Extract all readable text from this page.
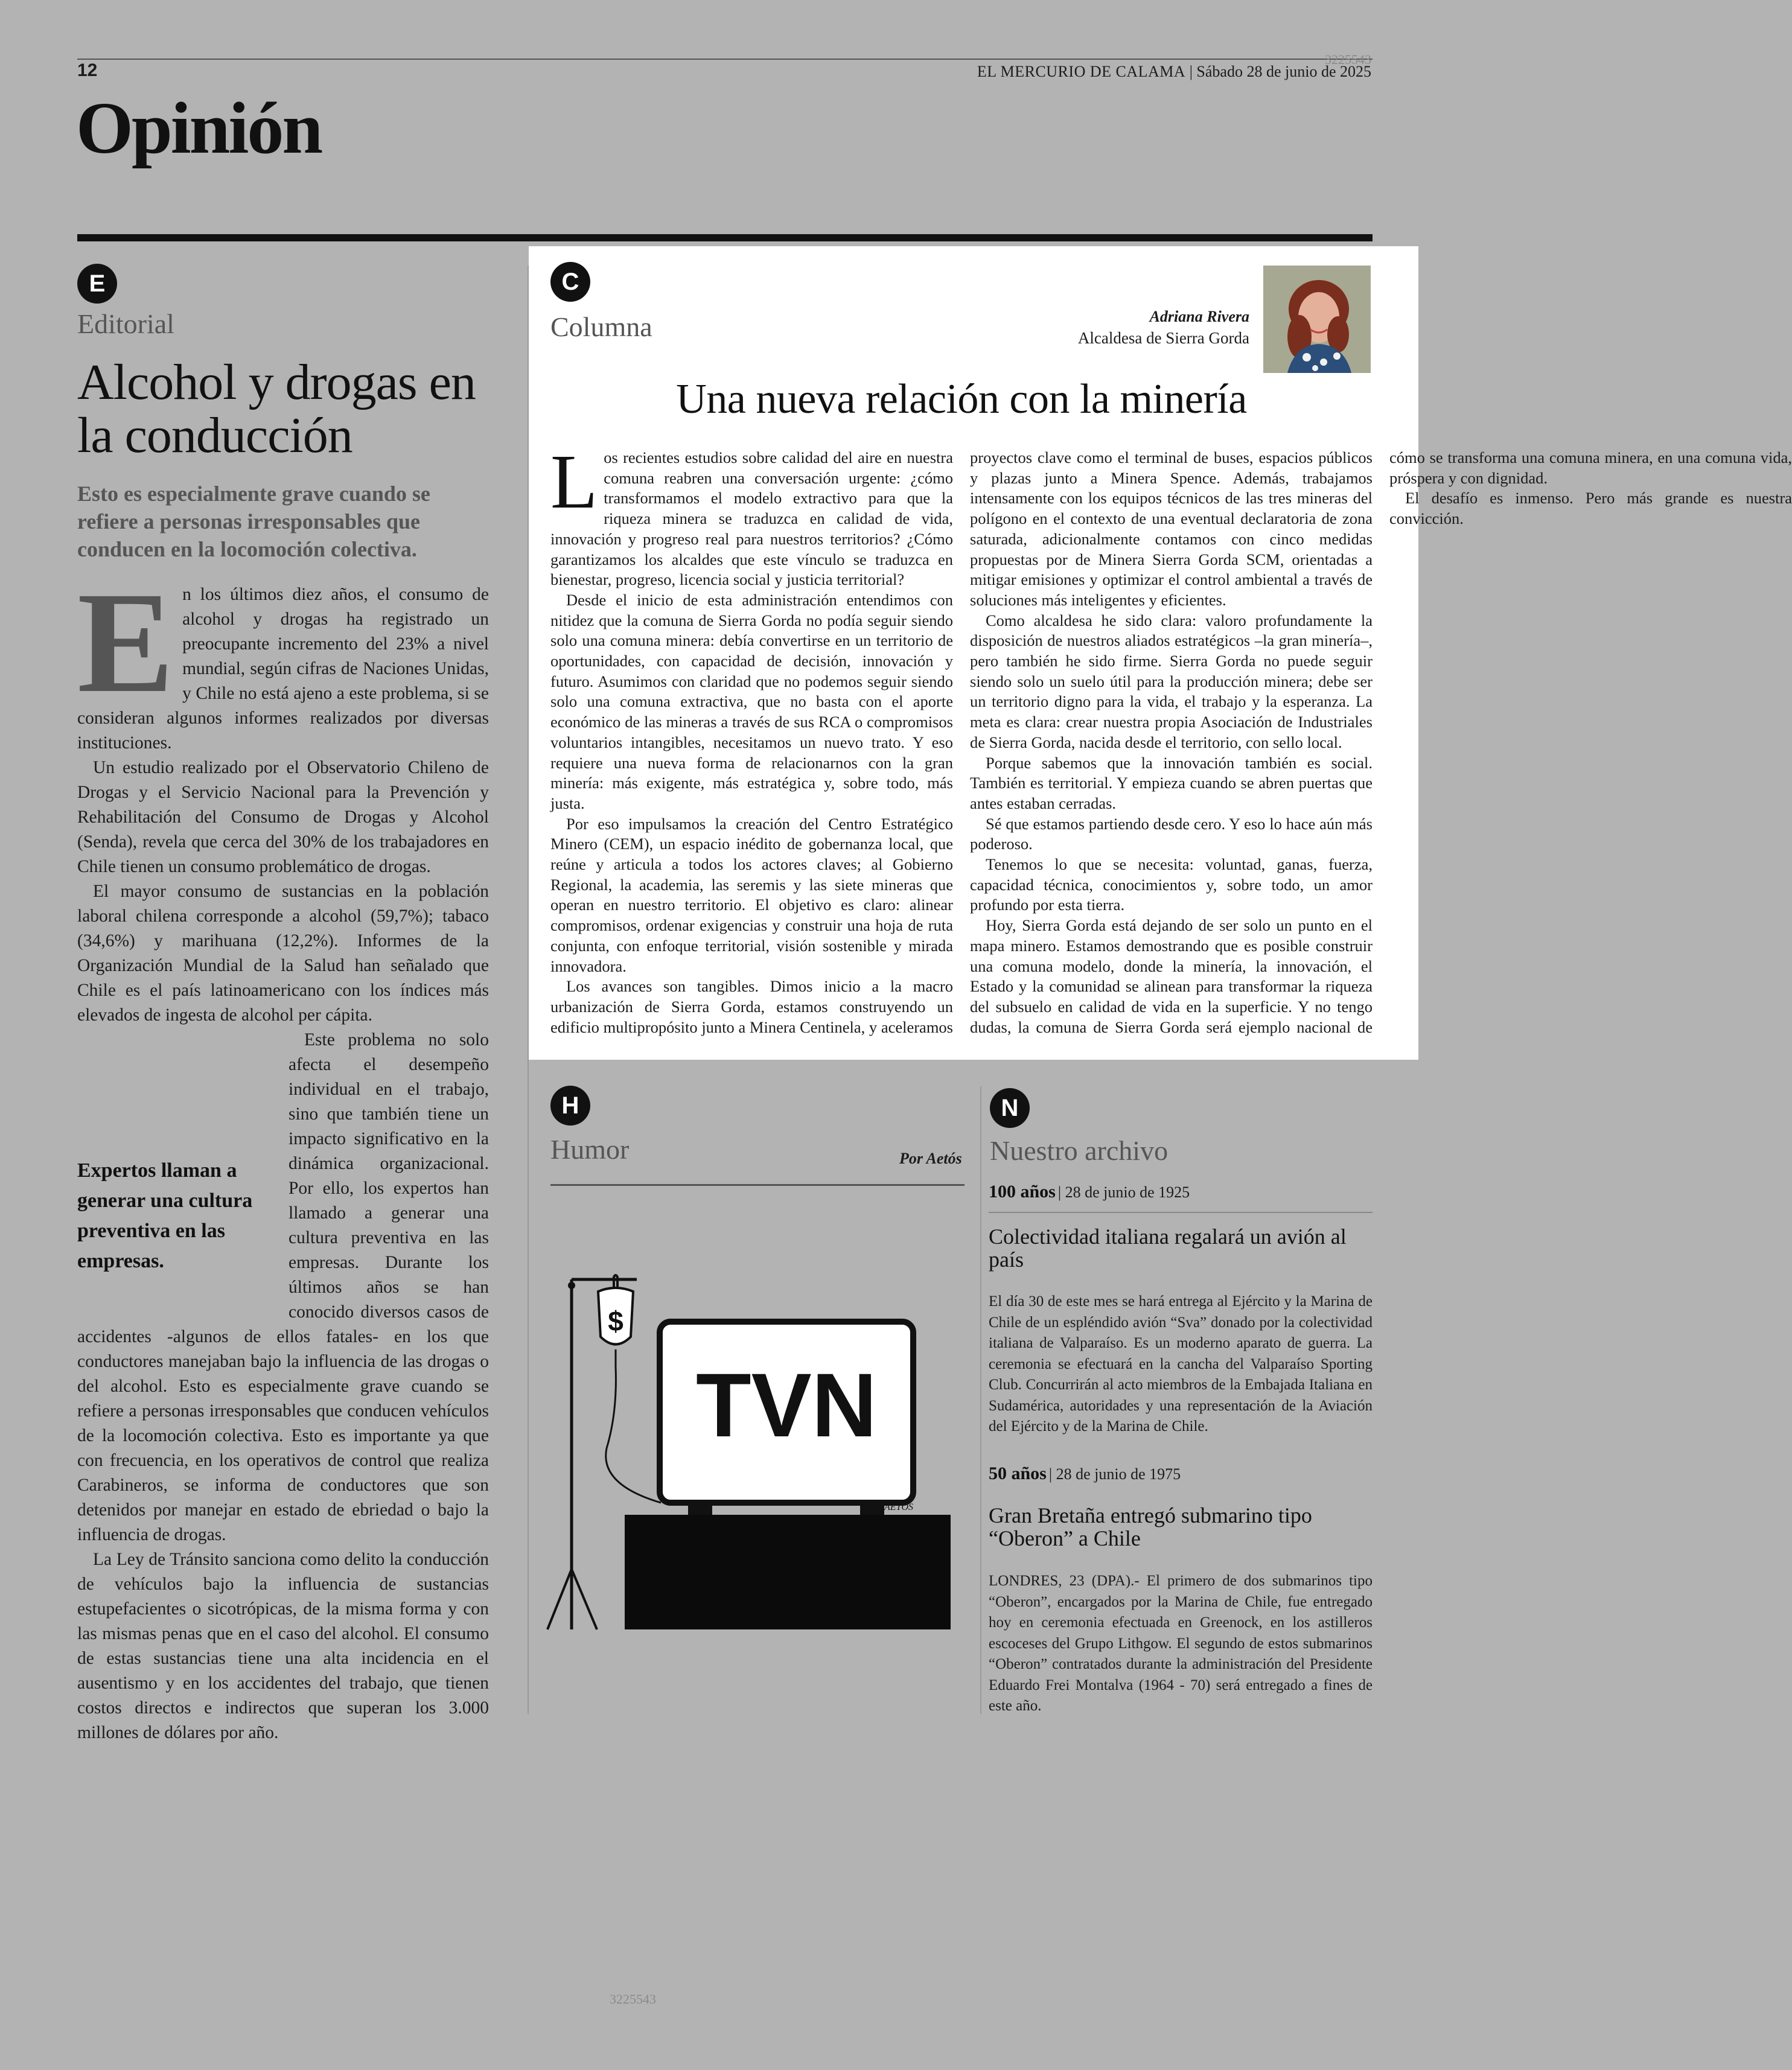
12
3225543
EL MERCURIO DE CALAMA | Sábado 28 de junio de 2025
Opinión
E
Editorial
Alcohol y drogas en la conducción
Esto es especialmente grave cuando se refiere a personas irresponsables que conducen en la locomoción colectiva.

En los últimos diez años, el consumo de alcohol y drogas ha registrado un preocupante incremento del 23% a nivel mundial, según cifras de Naciones Unidas, y Chile no está ajeno a este problema, si se consideran algunos informes realizados por diversas instituciones.

Un estudio realizado por el Observatorio Chileno de Drogas y el Servicio Nacional para la Prevención y Rehabilitación del Consumo de Drogas y Alcohol (Senda), revela que cerca del 30% de los trabajadores en Chile tienen un consumo problemático de drogas.

El mayor consumo de sustancias en la población laboral chilena corresponde a alcohol (59,7%); tabaco (34,6%) y marihuana (12,2%). Informes de la Organización Mundial de la Salud han señalado que Chile es el país latinoamericano con los índices más elevados de ingesta de alcohol per cápita.

Este problema no solo afecta el desempeño individual en el trabajo, sino que también tiene un impacto significativo en la dinámica organizacional. Por ello, los expertos han llamado a generar una cultura preventiva en las empresas. Durante los últimos años se han conocido diversos casos de accidentes -algunos de ellos fatales- en los que conductores manejaban bajo la influencia de las drogas o del alcohol. Esto es especialmente grave cuando se refiere a personas irresponsables que conducen vehículos de la locomoción colectiva. Esto es importante ya que con frecuencia, en los operativos de control que realiza Carabineros, se informa de conductores que son detenidos por manejar en estado de ebriedad o bajo la influencia de drogas.

La Ley de Tránsito sanciona como delito la conducción de vehículos bajo la influencia de sustancias estupefacientes o sicotrópicas, de la misma forma y con las mismas penas que en el caso del alcohol. El consumo de estas sustancias tiene una alta incidencia en el ausentismo y en los accidentes del trabajo, que tienen costos directos e indirectos que superan los 3.000 millones de dólares por año.

Expertos llaman a generar una cultura preventiva en las empresas.
3225543
C
Columna	Adriana Rivera
Alcaldesa de Sierra Gorda
Una nueva relación con la minería

Los recientes estudios sobre calidad del aire en nuestra comuna reabren una conversación urgente: ¿cómo transformamos el modelo extractivo para que la riqueza minera se traduzca en calidad de vida, innovación y progreso real para nuestros territorios? ¿Cómo garantizamos los alcaldes que este vínculo se traduzca en bienestar, progreso, licencia social y justicia territorial?

Desde el inicio de esta administración entendimos con nitidez que la comuna de Sierra Gorda no podía seguir siendo solo una comuna minera: debía convertirse en un territorio de oportunidades, con capacidad de decisión, innovación y futuro. Asumimos con claridad que no podemos seguir siendo solo una comuna extractiva, que no basta con el aporte económico de las mineras a través de sus RCA o compromisos voluntarios intangibles, necesitamos un nuevo trato. Y eso requiere una nueva forma de relacionarnos con la gran minería: más exigente, más estratégica y, sobre todo, más justa.

Por eso impulsamos la creación del Centro Estratégico Minero (CEM), un espacio inédito de gobernanza local, que reúne y articula a todos los actores claves; al Gobierno Regional, la academia, las seremis y las siete mineras que operan en nuestro territorio. El objetivo es claro: alinear compromisos, ordenar exigencias y construir una hoja de ruta conjunta, con enfoque territorial, visión sostenible y mirada innovadora.

Los avances son tangibles. Dimos inicio a la macro urbanización de Sierra Gorda, estamos construyendo un edificio multipropósito junto a Minera Centinela, y aceleramos proyectos clave como el terminal de buses, espacios públicos y plazas junto a Minera Spence. Además, trabajamos intensamente con los equipos técnicos de las tres mineras del polígono en el contexto de una eventual declaratoria de zona saturada, adicionalmente contamos con cinco medidas propuestas por de Minera Sierra Gorda SCM, orientadas a mitigar emisiones y optimizar el control ambiental a través de soluciones más inteligentes y eficientes.

Como alcaldesa he sido clara: valoro profundamente la disposición de nuestros aliados estratégicos –la gran minería–, pero también he sido firme. Sierra Gorda no puede seguir siendo solo un suelo útil para la producción minera; debe ser un territorio digno para la vida, el trabajo y la esperanza. La meta es clara: crear nuestra propia Asociación de Industriales de Sierra Gorda, nacida desde el territorio, con sello local.

Porque sabemos que la innovación también es social. También es territorial. Y empieza cuando se abren puertas que antes estaban cerradas.

Sé que estamos partiendo desde cero. Y eso lo hace aún más poderoso.

Tenemos lo que se necesita: voluntad, ganas, fuerza, capacidad técnica, conocimientos y, sobre todo, un amor profundo por esta tierra.

Hoy, Sierra Gorda está dejando de ser solo un punto en el mapa minero. Estamos demostrando que es posible construir una comuna modelo, donde la minería, la innovación, el Estado y la comunidad se alinean para transformar la riqueza del subsuelo en calidad de vida en la superficie. Y no tengo dudas, la comuna de Sierra Gorda será ejemplo nacional de cómo se transforma una comuna minera, en una comuna vida, próspera y con dignidad.

El desafío es inmenso. Pero más grande es nuestra convicción.

H
Humor	Por Aetós
$
TVN
AETÓS
N
Nuestro archivo
100 años | 28 de junio de 1925
Colectividad italiana regalará un avión al país
El día 30 de este mes se hará entrega al Ejército y la Marina de Chile de un espléndido avión “Sva” donado por la colectividad italiana de Valparaíso. Es un moderno aparato de guerra. La ceremonia se efectuará en la cancha del Valparaíso Sporting Club. Concurrirán al acto miembros de la Embajada Italiana en Sudamérica, autoridades y una representación de la Aviación del Ejército y de la Marina de Chile.
50 años | 28 de junio de 1975
Gran Bretaña entregó submarino tipo “Oberon” a Chile
LONDRES, 23 (DPA).- El primero de dos submarinos tipo “Oberon”, encargados por la Marina de Chile, fue entregado hoy en ceremonia efectuada en Greenock, en los astilleros escoceses del Grupo Lithgow. El segundo de estos submarinos “Oberon” contratados durante la administración del Presidente Eduardo Frei Montalva (1964 - 70) será entregado a fines de este año.
